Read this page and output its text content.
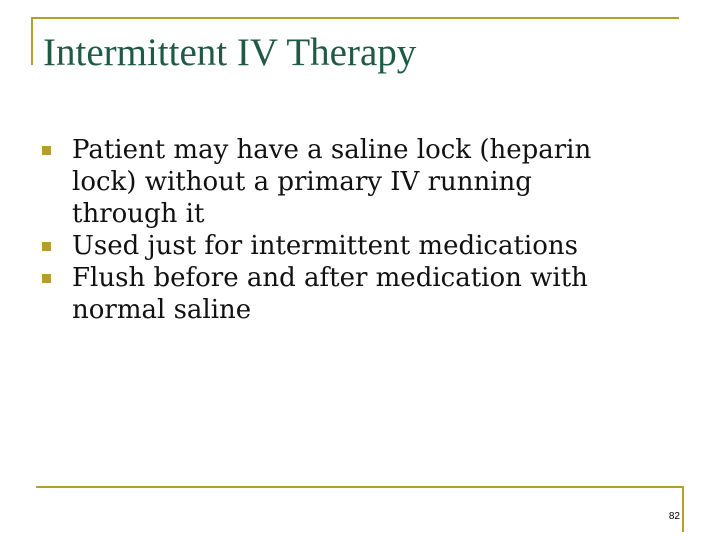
Intermittent IV Therapy
Patient may have a saline lock (heparin lock) without a primary IV running through it
Used just for intermittent medications
Flush before and after medication with normal saline
82
